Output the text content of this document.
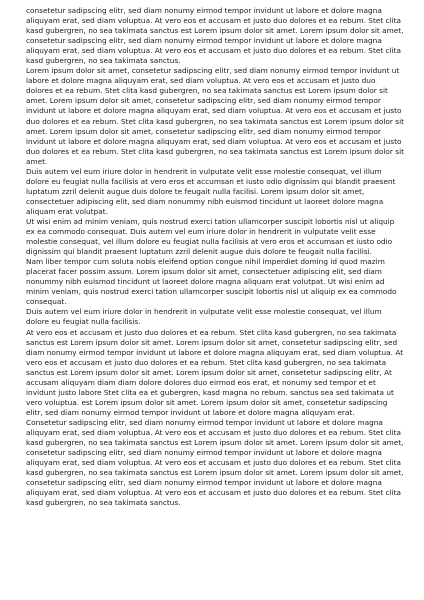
consetetur sadipscing elitr, sed diam nonumy eirmod tempor invidunt ut labore et dolore magna aliquyam erat, sed diam voluptua. At vero eos et accusam et justo duo dolores et ea rebum. Stet clita kasd gubergren, no sea takimata sanctus est Lorem ipsum dolor sit amet. Lorem ipsum dolor sit amet, consetetur sadipscing elitr, sed diam nonumy eirmod tempor invidunt ut labore et dolore magna aliquyam erat, sed diam voluptua. At vero eos et accusam et justo duo dolores et ea rebum. Stet clita kasd gubergren, no sea takimata sanctus.

Lorem ipsum dolor sit amet, consetetur sadipscing elitr, sed diam nonumy eirmod tempor invidunt ut labore et dolore magna aliquyam erat, sed diam voluptua. At vero eos et accusam et justo duo dolores et ea rebum. Stet clita kasd gubergren, no sea takimata sanctus est Lorem ipsum dolor sit amet. Lorem ipsum dolor sit amet, consetetur sadipscing elitr, sed diam nonumy eirmod tempor invidunt ut labore et dolore magna aliquyam erat, sed diam voluptua. At vero eos et accusam et justo duo dolores et ea rebum. Stet clita kasd gubergren, no sea takimata sanctus est Lorem ipsum dolor sit amet. Lorem ipsum dolor sit amet, consetetur sadipscing elitr, sed diam nonumy eirmod tempor invidunt ut labore et dolore magna aliquyam erat, sed diam voluptua. At vero eos et accusam et justo duo dolores et ea rebum. Stet clita kasd gubergren, no sea takimata sanctus est Lorem ipsum dolor sit amet.

Duis autem vel eum iriure dolor in hendrerit in vulputate velit esse molestie consequat, vel illum dolore eu feugiat nulla facilisis at vero eros et accumsan et iusto odio dignissim qui blandit praesent luptatum zzril delenit augue duis dolore te feugait nulla facilisi. Lorem ipsum dolor sit amet, consectetuer adipiscing elit, sed diam nonummy nibh euismod tincidunt ut laoreet dolore magna aliquam erat volutpat.

Ut wisi enim ad minim veniam, quis nostrud exerci tation ullamcorper suscipit lobortis nisl ut aliquip ex ea commodo consequat. Duis autem vel eum iriure dolor in hendrerit in vulputate velit esse molestie consequat, vel illum dolore eu feugiat nulla facilisis at vero eros et accumsan et iusto odio dignissim qui blandit praesent luptatum zzril delenit augue duis dolore te feugait nulla facilisi.

Nam liber tempor cum soluta nobis eleifend option congue nihil imperdiet doming id quod mazim placerat facer possim assum. Lorem ipsum dolor sit amet, consectetuer adipiscing elit, sed diam nonummy nibh euismod tincidunt ut laoreet dolore magna aliquam erat volutpat. Ut wisi enim ad minim veniam, quis nostrud exerci tation ullamcorper suscipit lobortis nisl ut aliquip ex ea commodo consequat.

Duis autem vel eum iriure dolor in hendrerit in vulputate velit esse molestie consequat, vel illum dolore eu feugiat nulla facilisis.

At vero eos et accusam et justo duo dolores et ea rebum. Stet clita kasd gubergren, no sea takimata sanctus est Lorem ipsum dolor sit amet. Lorem ipsum dolor sit amet, consetetur sadipscing elitr, sed diam nonumy eirmod tempor invidunt ut labore et dolore magna aliquyam erat, sed diam voluptua. At vero eos et accusam et justo duo dolores et ea rebum. Stet clita kasd gubergren, no sea takimata sanctus est Lorem ipsum dolor sit amet. Lorem ipsum dolor sit amet, consetetur sadipscing elitr, At accusam aliquyam diam diam dolore dolores duo eirmod eos erat, et nonumy sed tempor et et invidunt justo labore Stet clita ea et gubergren, kasd magna no rebum. sanctus sea sed takimata ut vero voluptua. est Lorem ipsum dolor sit amet. Lorem ipsum dolor sit amet, consetetur sadipscing elitr, sed diam nonumy eirmod tempor invidunt ut labore et dolore magna aliquyam erat.

Consetetur sadipscing elitr, sed diam nonumy eirmod tempor invidunt ut labore et dolore magna aliquyam erat, sed diam voluptua. At vero eos et accusam et justo duo dolores et ea rebum. Stet clita kasd gubergren, no sea takimata sanctus est Lorem ipsum dolor sit amet. Lorem ipsum dolor sit amet, consetetur sadipscing elitr, sed diam nonumy eirmod tempor invidunt ut labore et dolore magna aliquyam erat, sed diam voluptua. At vero eos et accusam et justo duo dolores et ea rebum. Stet clita kasd gubergren, no sea takimata sanctus est Lorem ipsum dolor sit amet. Lorem ipsum dolor sit amet, consetetur sadipscing elitr, sed diam nonumy eirmod tempor invidunt ut labore et dolore magna aliquyam erat, sed diam voluptua. At vero eos et accusam et justo duo dolores et ea rebum. Stet clita kasd gubergren, no sea takimata sanctus.
